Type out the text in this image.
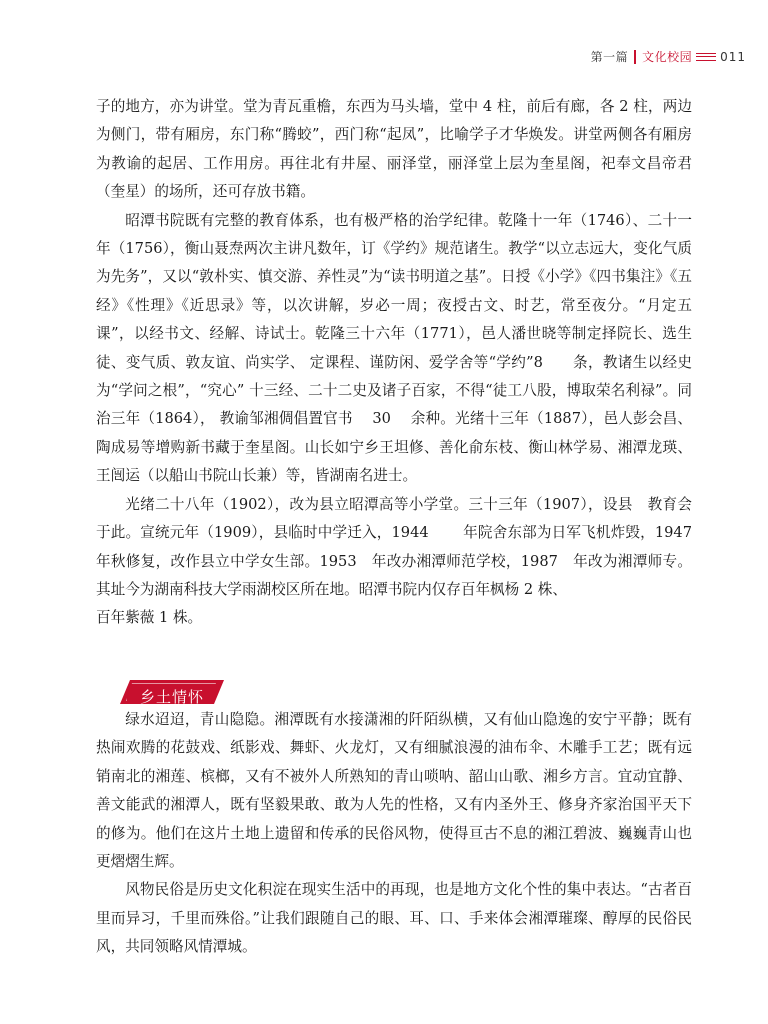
第一篇 文化校园 011

子的地方，亦为讲堂。堂为青瓦重檐，东西为马头墙，堂中 4 柱，前后有廊，各 2 柱，两边为侧门，带有厢房，东门称“腾蛟”，西门称“起凤”，比喻学子才华焕发。讲堂两侧各有厢房为教谕的起居、工作用房。再往北有井屋、丽泽堂，丽泽堂上层为奎星阁，祀奉文昌帝君（奎星）的场所，还可存放书籍。

昭潭书院既有完整的教育体系，也有极严格的治学纪律。乾隆十一年（1746）、二十一年（1756），衡山聂焘两次主讲凡数年，订《学约》规范诸生。教学“以立志远大，变化气质为先务”，又以“敦朴实、慎交游、养性灵”为“读书明道之基”。日授《小学》《四书集注》《五经》《性理》《近思录》等，以次讲解，岁必一周；夜授古文、时艺，常至夜分。“月定五课”，以经书文、经解、诗试士。乾隆三十六年（1771），邑人潘世晓等制定择院长、选生徒、变气质、敦友谊、尚实学、 定课程、谨防闲、爱学舍等“学约”8　　条，教诸生以经史为“学问之根”，“究心” 十三经、二十二史及诸子百家，不得“徒工八股，博取荣名利禄”。同治三年（1864）， 教谕邹湘倜倡置官书　 30　 余种。光绪十三年（1887），邑人彭会昌、陶成易等增购新书藏于奎星阁。山长如宁乡王坦修、善化俞东枝、衡山林学易、湘潭龙瑛、王闿运（以船山书院山长兼）等，皆湖南名进士。

光绪二十八年（1902），改为县立昭潭高等小学堂。三十三年（1907），设县　教育会于此。宣统元年（1909），县临时中学迁入，1944　　 年院舍东部为日军飞机炸毁，1947 年秋修复，改作县立中学女生部。1953　年改办湘潭师范学校，1987　年改为湘潭师专。其址今为湖南科技大学雨湖校区所在地。昭潭书院内仅存百年枫杨 2 株、

百年紫薇 1 株。

乡土情怀

绿水迢迢，青山隐隐。湘潭既有水接潇湘的阡陌纵横，又有仙山隐逸的安宁平静；既有热闹欢腾的花鼓戏、纸影戏、舞虾、火龙灯，又有细腻浪漫的油布伞、木雕手工艺；既有远销南北的湘莲、槟榔，又有不被外人所熟知的青山唢呐、韶山山歌、湘乡方言。宜动宜静、善文能武的湘潭人，既有坚毅果敢、敢为人先的性格，又有内圣外王、修身齐家治国平天下的修为。他们在这片土地上遗留和传承的民俗风物，使得亘古不息的湘江碧波、巍巍青山也更熠熠生辉。

风物民俗是历史文化积淀在现实生活中的再现，也是地方文化个性的集中表达。“古者百里而异习，千里而殊俗。”让我们跟随自己的眼、耳、口、手来体会湘潭璀璨、醇厚的民俗民风，共同领略风情潭城。
